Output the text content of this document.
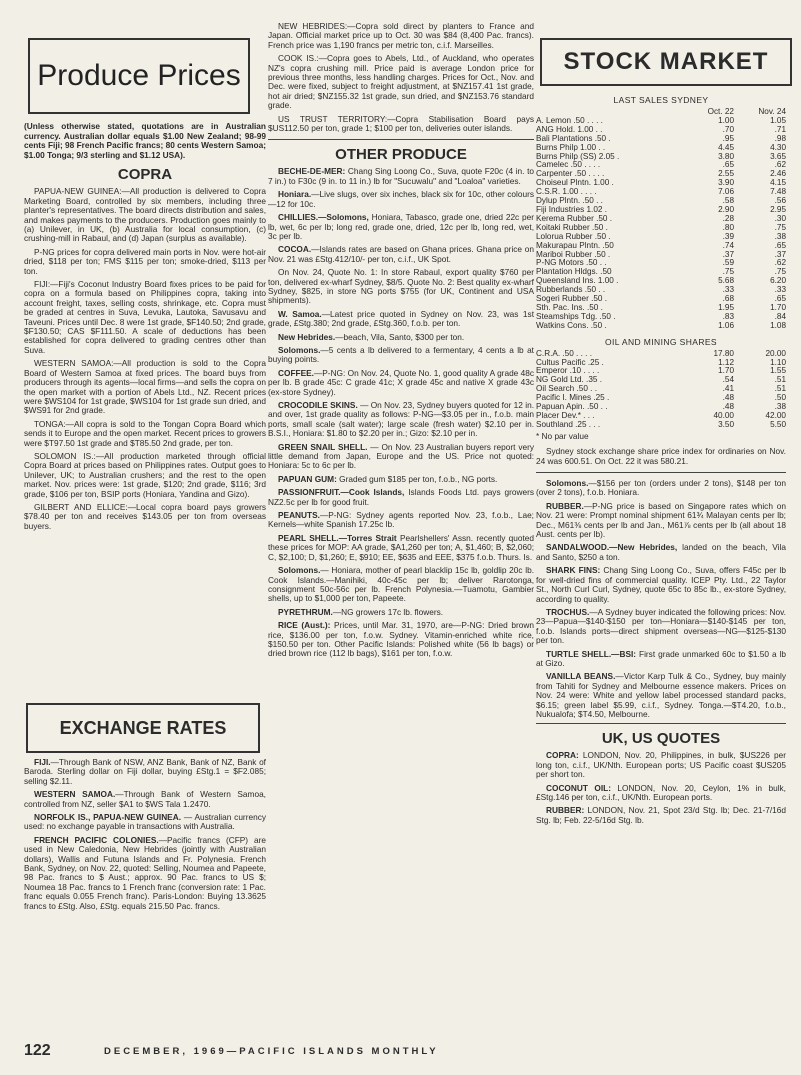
Produce Prices

(Unless otherwise stated, quotations are in Australian currency. Australian dollar equals $1.00 New Zealand; 98-99 cents Fiji; 98 French Pacific francs; 80 cents Western Samoa; $1.00 Tonga; 9/3 sterling and $1.12 USA).

COPRA

PAPUA-NEW GUINEA:—All production is delivered to Copra Marketing Board, controlled by six members, including three planter's representatives. The board directs distribution and sales, and makes payments to the producers. Production goes mainly to (a) Unilever, in UK, (b) Australia for local consumption, (c) crushing-mill in Rabaul, and (d) Japan (surplus as available).

P-NG prices for copra delivered main ports in Nov. were hot-air dried, $118 per ton; FMS $115 per ton; smoke-dried, $113 per ton.

FIJI:—Fiji's Coconut Industry Board fixes prices to be paid for copra on a formula based on Philippines copra, taking into account freight, taxes, selling costs, shrinkage, etc. Copra must be graded at centres in Suva, Levuka, Lautoka, Savusavu and Taveuni. Prices until Dec. 8 were 1st grade, $F140.50; 2nd grade, $F130.50; CAS $F111.50. A scale of deductions has been established for copra delivered to grading centres other than Suva.

WESTERN SAMOA:—All production is sold to the Copra Board of Western Samoa at fixed prices. The board buys from producers through its agents—local firms—and sells the copra on the open market with a portion of Abels Ltd., NZ. Recent prices were $WS104 for 1st grade, $WS104 for 1st grade sun dried, and $WS91 for 2nd grade.

TONGA:—All copra is sold to the Tongan Copra Board which sends it to Europe and the open market. Recent prices to growers were $T97.50 1st grade and $T85.50 2nd grade, per ton.

SOLOMON IS.:—All production marketed through official Copra Board at prices based on Philippines rates. Output goes to Unilever, UK; to Australian crushers; and the rest to the open market. Nov. prices were: 1st grade, $120; 2nd grade, $116; 3rd grade, $106 per ton, BSIP ports (Honiara, Yandina and Gizo).

GILBERT AND ELLICE:—Local copra board pays growers $78.40 per ton and receives $143.05 per ton from overseas buyers.

EXCHANGE RATES

FIJI.—Through Bank of NSW, ANZ Bank, Bank of NZ, Bank of Baroda. Sterling dollar on Fiji dollar, buying £Stg.1 = $F2.085; selling $2.11.

WESTERN SAMOA.—Through Bank of Western Samoa, controlled from NZ, seller $A1 to $WS Tala 1.2470.

NORFOLK IS., PAPUA-NEW GUINEA. — Australian currency used: no exchange payable in transactions with Australia.

FRENCH PACIFIC COLONIES.—Pacific francs (CFP) are used in New Caledonia, New Hebrides (jointly with Australian dollars), Wallis and Futuna Islands and Fr. Polynesia. French Bank, Sydney, on Nov. 22, quoted: Selling, Noumea and Papeete, 98 Pac. francs to $ Aust.; approx. 90 Pac. francs to US $; Noumea 18 Pac. francs to 1 French franc (conversion rate: 1 Pac. franc equals 0.055 French franc). Paris-London: Buying 13.3625 francs to £Stg. Also, £Stg. equals 215.50 Pac. francs.

NEW HEBRIDES:—Copra sold direct by planters to France and Japan. Official market price up to Oct. 30 was $84 (8,400 Pac. francs). French price was 1,190 francs per metric ton, c.i.f. Marseilles.

COOK IS.:—Copra goes to Abels, Ltd., of Auckland, who operates NZ's copra crushing mill. Price paid is average London price for previous three months, less handling charges. Prices for Oct., Nov. and Dec. were fixed, subject to freight adjustment, at $NZ157.41 1st grade, hot air dried; $NZ155.32 1st grade, sun dried, and $NZ153.76 standard grade.

US TRUST TERRITORY:—Copra Stabilisation Board pays $US112.50 per ton, grade 1; $100 per ton, deliveries outer islands.

OTHER PRODUCE

BECHE-DE-MER: Chang Sing Loong Co., Suva, quote F20c (4 in. to 7 in.) to F30c (9 in. to 11 in.) lb for "Sucuwalu" and "Loaloa" varieties.

Honiara.—Live slugs, over six inches, black six for 10c, other colours—12 for 10c.

CHILLIES.—Solomons, Honiara, Tabasco, grade one, dried 22c per lb, wet, 6c per lb; long red, grade one, dried, 12c per lb, long red, wet, 3c per lb.

COCOA.—Islands rates are based on Ghana prices. Ghana price on Nov. 21 was £Stg.412/10/- per ton, c.i.f., UK Spot.

On Nov. 24, Quote No. 1: In store Rabaul, export quality $760 per ton, delivered ex-wharf Sydney, $8/5. Quote No. 2: Best quality ex-wharf Sydney, $825, in store NG ports $755 (for UK, Continent and USA shipments).

W. Samoa.—Latest price quoted in Sydney on Nov. 23, was 1st grade, £Stg.380; 2nd grade, £Stg.360, f.o.b. per ton.

New Hebrides.—beach, Vila, Santo, $300 per ton.

Solomons.—5 cents a lb delivered to a fermentary, 4 cents a lb at buying points.

COFFEE.—P-NG: On Nov. 24, Quote No. 1, good quality A grade 48c per lb. B grade 45c: C grade 41c; X grade 45c and native X grade 43c (ex-store Sydney).

CROCODILE SKINS. — On Nov. 23, Sydney buyers quoted for 12 in. and over, 1st grade quality as follows: P-NG—$3.05 per in., f.o.b. main ports, small scale (salt water); large scale (fresh water) $2.10 per in. B.S.I., Honiara: $1.80 to $2.20 per in.; Gizo: $2.10 per in.

GREEN SNAIL SHELL. — On Nov. 23 Australian buyers report very little demand from Japan, Europe and the US. Price not quoted: Honiara: 5c to 6c per lb.

PAPUAN GUM: Graded gum $185 per ton, f.o.b., NG ports.

PASSIONFRUIT.—Cook Islands, Islands Foods Ltd. pays growers NZ2.5c per lb for good fruit.

PEANUTS.—P-NG: Sydney agents reported Nov. 23, f.o.b., Lae; Kernels—white Spanish 17.25c lb.

PEARL SHELL.—Torres Strait Pearlshellers' Assn. recently quoted these prices for MOP: AA grade, $A1,260 per ton; A, $1,460; B, $2,060; C, $2,100; D, $1,260; E, $910; EE, $635 and EEE, $375 f.o.b. Thurs. Is.

Solomons.— Honiara, mother of pearl blacklip 15c lb, goldlip 20c lb. Cook Islands.—Manihiki, 40c-45c per lb; deliver Rarotonga, consignment 50c-56c per lb. French Polynesia.—Tuamotu, Gambier shells, up to $1,000 per ton, Papeete.

PYRETHRUM.—NG growers 17c lb. flowers.

RICE (Aust.): Prices, until Mar. 31, 1970, are—P-NG: Dried brown rice, $136.00 per ton, f.o.w. Sydney. Vitamin-enriched white rice, $150.50 per ton. Other Pacific Islands: Polished white (56 lb bags) or dried brown rice (112 lb bags), $161 per ton, f.o.w.

STOCK MARKET
LAST SALES SYDNEY
	Oct. 22	Nov. 24
A. Lemon .50 . . . .	1.00	1.05
ANG Hold. 1.00 . .	.70	.71
Bali Plantations .50 .	.95	.98
Burns Philp 1.00 . .	4.45	4.30
Burns Philp (SS) 2.05 .	3.80	3.65
Camelec .50 . . . .	.65	.62
Carpenter .50 . . . .	2.55	2.46
Choiseul Plntn. 1.00 .	3.90	4.15
C.S.R. 1.00 . . . .	7.06	7.48
Dylup Plntn. .50 . .	.58	.56
Fiji Industries 1.02 .	2.90	2.95
Kerema Rubber .50 .	.28	.30
Koitaki Rubber .50 .	.80	.75
Lolorua Rubber .50 .	.39	.38
Makurapau Plntn. .50	.74	.65
Mariboi Rubber .50 .	.37	.37
P-NG Motors .50 . .	.59	.62
Plantation Hldgs. .50	.75	.75
Queensland Ins. 1.00 .	5.68	6.20
Rubberlands .50 . .	.33	.33
Sogeri Rubber .50 .	.68	.65
Sth. Pac. Ins. .50 .	1.95	1.70
Steamships Tdg. .50 .	.83	.84
Watkins Cons. .50 .	1.06	1.08
OIL AND MINING SHARES
C.R.A. .50 . . . .	17.80	20.00
Cultus Pacific .25 .	1.12	1.10
Emperor .10 . . . .	1.70	1.55
NG Gold Ltd. .35 .	.54	.51
Oil Search .50 . .	.41	.51
Pacific I. Mines .25 .	.48	.50
Papuan Apin. .50 . .	.48	.38
Placer Dev.* . . .	40.00	42.00
Southland .25 . . .	3.50	5.50

* No par value

Sydney stock exchange share price index for ordinaries on Nov. 24 was 600.51. On Oct. 22 it was 580.21.

Solomons.—$156 per ton (orders under 2 tons), $148 per ton (over 2 tons), f.o.b. Honiara.

RUBBER.—P-NG price is based on Singapore rates which on Nov. 21 were: Prompt nominal shipment 61¾ Malayan cents per lb; Dec., M61⅜ cents per lb and Jan., M61⅞ cents per lb (all about 18 Aust. cents per lb).

SANDALWOOD.—New Hebrides, landed on the beach, Vila and Santo, $250 a ton.

SHARK FINS: Chang Sing Loong Co., Suva, offers F45c per lb for well-dried fins of commercial quality. ICEP Pty. Ltd., 22 Taylor St., North Curl Curl, Sydney, quote 65c to 85c lb., ex-store Sydney, according to quality.

TROCHUS.—A Sydney buyer indicated the following prices: Nov. 23—Papua—$140-$150 per ton—Honiara—$140-$145 per ton, f.o.b. Islands ports—direct shipment overseas—NG—$125-$130 per ton.

TURTLE SHELL.—BSI: First grade unmarked 60c to $1.50 a lb at Gizo.

VANILLA BEANS.—Victor Karp Tulk & Co., Sydney, buy mainly from Tahiti for Sydney and Melbourne essence makers. Prices on Nov. 24 were: White and yellow label processed standard packs, $6.15; green label $5.99, c.i.f., Sydney. Tonga.—$T4.20, f.o.b., Nukualofa; $T4.50, Melbourne.

UK, US QUOTES

COPRA: LONDON, Nov. 20, Philippines, in bulk, $US226 per long ton, c.i.f., UK/Nth. European ports; US Pacific coast $US205 per short ton.

COCONUT OIL: LONDON, Nov. 20, Ceylon, 1% in bulk, £Stg.146 per ton, c.i.f., UK/Nth. European ports.

RUBBER: LONDON, Nov. 21, Spot 23/d Stg. lb; Dec. 21-7/16d Stg. lb; Feb. 22-5/16d Stg. lb.

122	DECEMBER, 1969—PACIFIC ISLANDS MONTHLY
